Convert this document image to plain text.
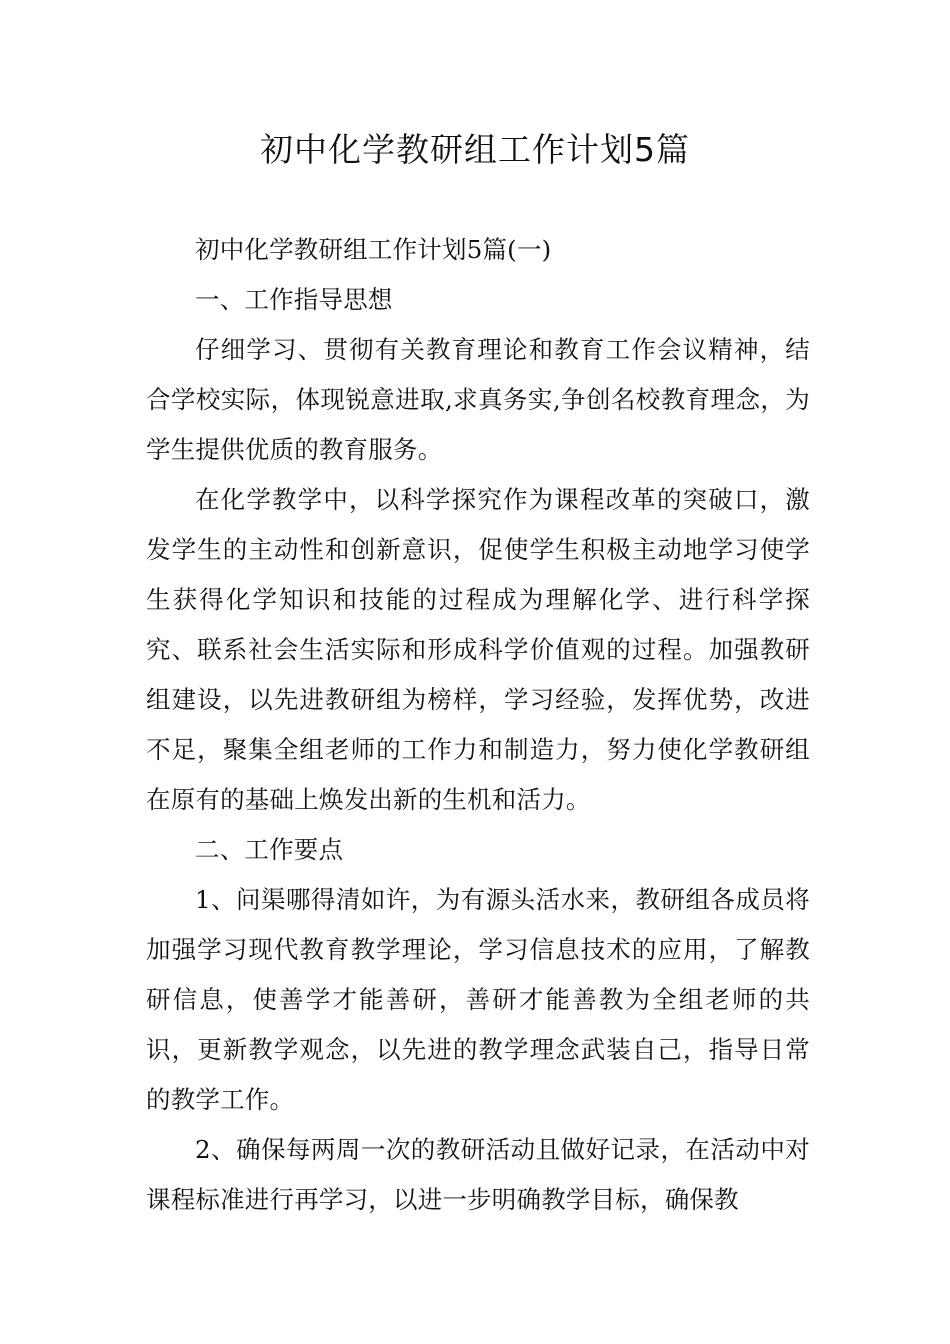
初中化学教研组工作计划5篇

初中化学教研组工作计划5篇(一)

一、工作指导思想

仔细学习、贯彻有关教育理论和教育工作会议精神，结合学校实际，体现锐意进取,求真务实,争创名校教育理念，为学生提供优质的教育服务。

在化学教学中，以科学探究作为课程改革的突破口，激发学生的主动性和创新意识，促使学生积极主动地学习使学生获得化学知识和技能的过程成为理解化学、进行科学探究、联系社会生活实际和形成科学价值观的过程。加强教研组建设，以先进教研组为榜样，学习经验，发挥优势，改进不足，聚集全组老师的工作力和制造力，努力使化学教研组在原有的基础上焕发出新的生机和活力。

二、工作要点

1、问渠哪得清如许，为有源头活水来，教研组各成员将加强学习现代教育教学理论，学习信息技术的应用，了解教研信息，使善学才能善研，善研才能善教为全组老师的共识，更新教学观念，以先进的教学理念武装自己，指导日常的教学工作。

2、确保每两周一次的教研活动且做好记录，在活动中对课程标准进行再学习，以进一步明确教学目标，确保教
